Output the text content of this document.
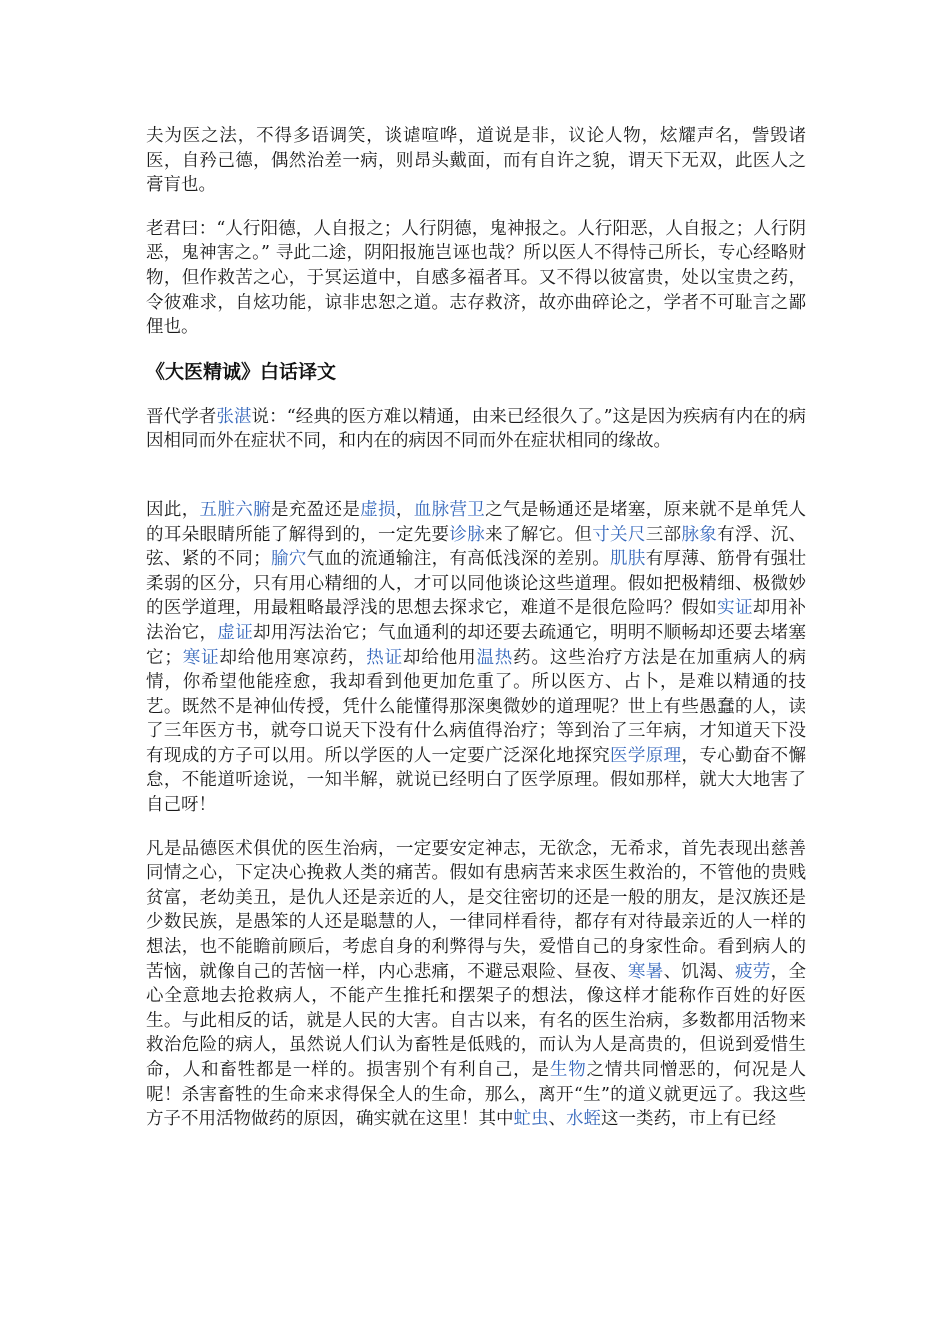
夫为医之法，不得多语调笑，谈谑喧哗，道说是非，议论人物，炫耀声名，訾毁诸医，自矜己德，偶然治差一病，则昂头戴面，而有自许之貌，谓天下无双，此医人之膏肓也。

老君曰：“人行阳德，人自报之；人行阴德，鬼神报之。人行阳恶，人自报之；人行阴恶，鬼神害之。” 寻此二途，阴阳报施岂诬也哉？所以医人不得恃己所长，专心经略财物，但作救苦之心，于冥运道中，自感多福者耳。又不得以彼富贵，处以宝贵之药，令彼难求，自炫功能，谅非忠恕之道。志存救济，故亦曲碎论之，学者不可耻言之鄙俚也。

《大医精诚》白话译文

晋代学者张湛说：“经典的医方难以精通，由来已经很久了。”这是因为疾病有内在的病因相同而外在症状不同，和内在的病因不同而外在症状相同的缘故。

因此，五脏六腑是充盈还是虚损，血脉营卫之气是畅通还是堵塞，原来就不是单凭人的耳朵眼睛所能了解得到的，一定先要诊脉来了解它。但寸关尺三部脉象有浮、沉、弦、紧的不同；腧穴气血的流通输注，有高低浅深的差别。肌肤有厚薄、筋骨有强壮柔弱的区分，只有用心精细的人，才可以同他谈论这些道理。假如把极精细、极微妙的医学道理，用最粗略最浮浅的思想去探求它，难道不是很危险吗？假如实证却用补法治它，虚证却用泻法治它；气血通利的却还要去疏通它，明明不顺畅却还要去堵塞它；寒证却给他用寒凉药，热证却给他用温热药。这些治疗方法是在加重病人的病情，你希望他能痊愈，我却看到他更加危重了。所以医方、占卜，是难以精通的技艺。既然不是神仙传授，凭什么能懂得那深奥微妙的道理呢？世上有些愚蠢的人，读了三年医方书，就夸口说天下没有什么病值得治疗；等到治了三年病，才知道天下没有现成的方子可以用。所以学医的人一定要广泛深化地探究医学原理，专心勤奋不懈怠，不能道听途说，一知半解，就说已经明白了医学原理。假如那样，就大大地害了自己呀！

凡是品德医术俱优的医生治病，一定要安定神志，无欲念，无希求，首先表现出慈善同情之心，下定决心挽救人类的痛苦。假如有患病苦来求医生救治的，不管他的贵贱贫富，老幼美丑，是仇人还是亲近的人，是交往密切的还是一般的朋友，是汉族还是少数民族，是愚笨的人还是聪慧的人，一律同样看待，都存有对待最亲近的人一样的想法，也不能瞻前顾后，考虑自身的利弊得与失，爱惜自己的身家性命。看到病人的苦恼，就像自己的苦恼一样，内心悲痛，不避忌艰险、昼夜、寒暑、饥渴、疲劳，全心全意地去抢救病人，不能产生推托和摆架子的想法，像这样才能称作百姓的好医生。与此相反的话，就是人民的大害。自古以来，有名的医生治病，多数都用活物来救治危险的病人，虽然说人们认为畜牲是低贱的，而认为人是高贵的，但说到爱惜生命，人和畜牲都是一样的。损害别个有利自己，是生物之情共同憎恶的，何况是人呢！杀害畜牲的生命来求得保全人的生命，那么，离开“生”的道义就更远了。我这些方子不用活物做药的原因，确实就在这里！其中虻虫、水蛭这一类药，市上有已经
